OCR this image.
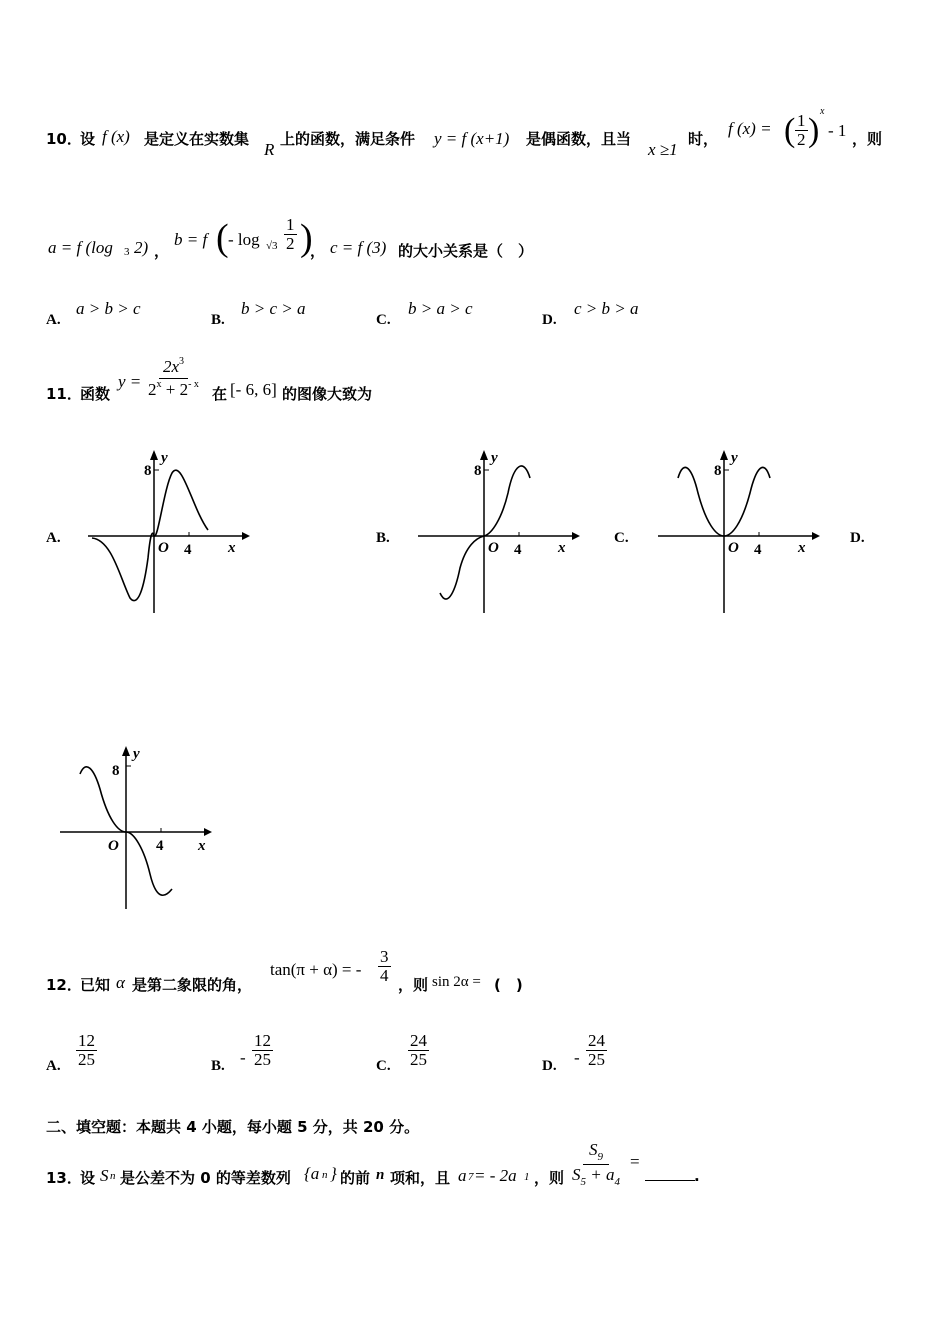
10．
设 f (x) 是定义在实数集
R
上的函数，满足条件 y = f (x+1) 是偶函数，且当
x ≥1
时，
f (x) = ( $\frac{1}{2}$ )
x
- 1 ，则
a = f (log 3 2) ，
b = f ( - $\log √3 \frac{1}{2}$ )
， c = f (3) 的大小关系是（　）
A.
a > b > c
B.
b > c > a
C.
b > a > c
D.
c > b > a
11．
函数
$y = \frac{2x^3}{2^x + 2^{- x}}$ 在 [- 6, 6] 的图像大致为
A.
8
y
O 4 x
B.
8
y
O 4 x
C.
8
y
O 4 x
D.
8
y
O 4 x
12．
已知 α 是第二象限的角，
tan(π + α) = - $\frac{3}{4}$
，则 sin 2α = (　)
A. $\frac{12}{25}$	B. - $\frac{12}{25}$	C. $\frac{24}{25}$	D. - $\frac{24}{25}$
二、填空题：本题共 4 小题，每小题 5 分，共 20 分。
13．
设 S n 是公差不为 0 的等差数列 {a n } 的前 n 项和，且 a 7 = - 2a 1 ，则 $\frac{S_9}{S_5 + a_4}$ =
.
